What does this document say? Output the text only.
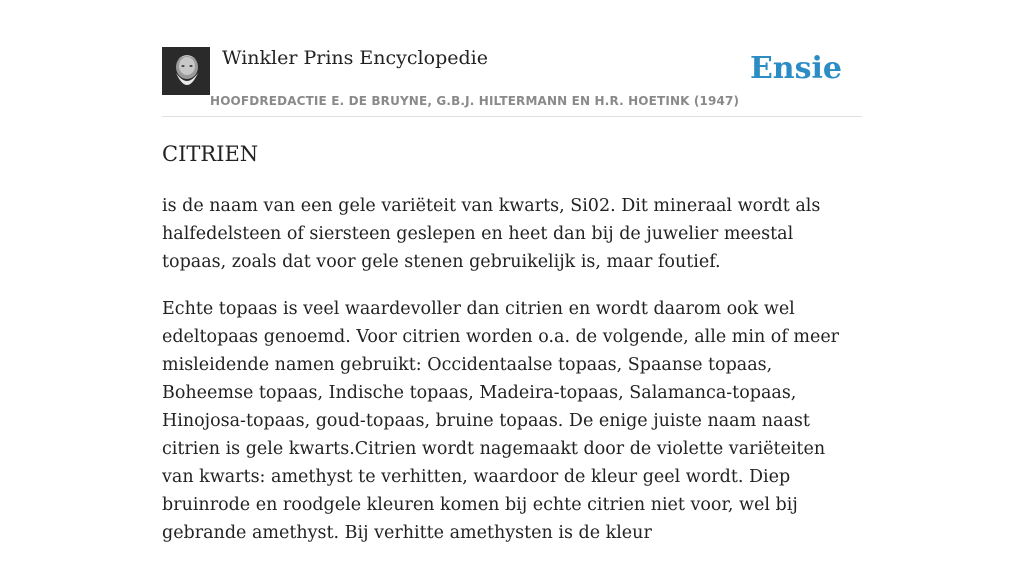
Winkler Prins Encyclopedie
HOOFDREDACTIE E. DE BRUYNE, G.B.J. HILTERMANN EN H.R. HOETINK (1947)
Ensie
CITRIEN

is de naam van een gele variëteit van kwarts, Si02. Dit mineraal wordt als halfedelsteen of siersteen geslepen en heet dan bij de juwelier meestal topaas, zoals dat voor gele stenen gebruikelijk is, maar foutief.

Echte topaas is veel waardevoller dan citrien en wordt daarom ook wel edeltopaas genoemd. Voor citrien worden o.a. de volgende, alle min of meer misleidende namen gebruikt: Occidentaalse topaas, Spaanse topaas, Boheemse topaas, Indische topaas, Madeira-topaas, Salamanca-topaas, Hinojosa-topaas, goud-topaas, bruine topaas. De enige juiste naam naast citrien is gele kwarts.Citrien wordt nagemaakt door de violette variëteiten van kwarts: amethyst te verhitten, waardoor de kleur geel wordt. Diep bruinrode en roodgele kleuren komen bij echte citrien niet voor, wel bij gebrande amethyst. Bij verhitte amethysten is de kleur
